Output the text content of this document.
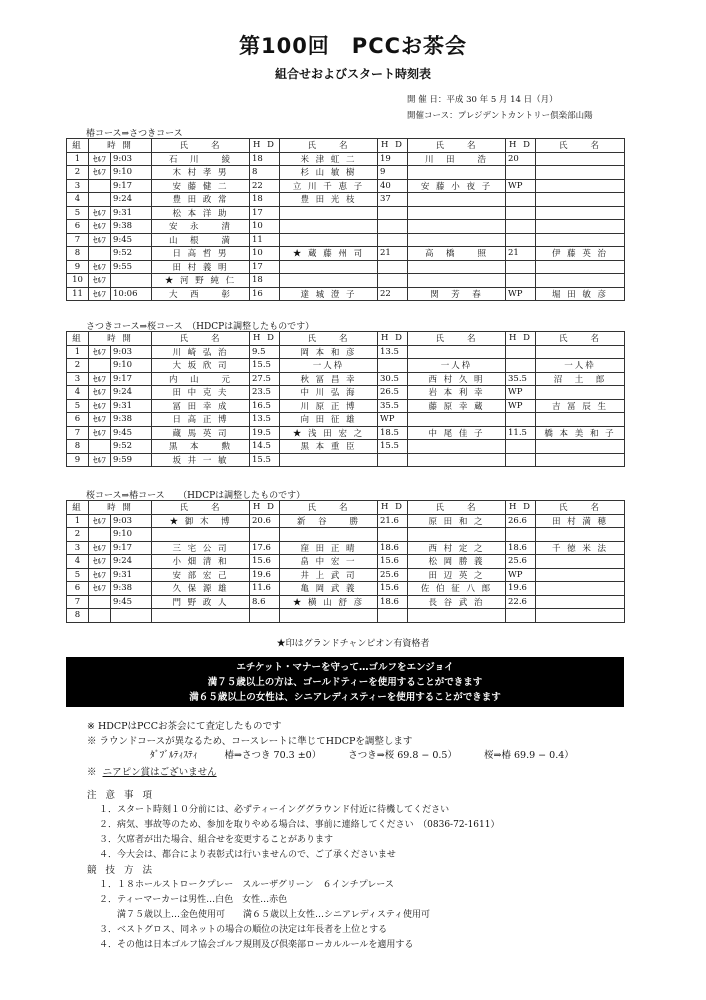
第100回　PCCお茶会
組合せおよびスタート時刻表
開 催 日：平成 30 年 5 月 14 日（月）
開催コース：プレジデントカントリー倶楽部山陽
椿コース⇒さつきコース
組	時 開		氏　　名	H D	氏　　名	H D	氏　　名	H D	氏　　名	
1	ｾﾙﾌ	9:03	石　川　　綾	18	米 津 虹 二	19	川　田　　浩	20		
2	ｾﾙﾌ	9:10	木 村 孝 男	8	杉 山 敏 樹	9				
3		9:17	安 藤 健 二	22	立 川 千 恵 子	40	安 藤 小 夜 子	WP		
4		9:24	豊 田 政 常	18	豊 田 光 枝	37				
5	ｾﾙﾌ	9:31	松 本 洋 助	17						
6	ｾﾙﾌ	9:38	安　永　　清	10						
7	ｾﾙﾌ	9:45	山　根　　満	11						
8		9:52	日 高 哲 男	10	★ 蔵 藤 州 司	21	高　橋　　照	21	伊 藤 英 治	
9	ｾﾙﾌ	9:55	田 村 義 明	17						
10	ｾﾙﾌ		★ 河 野 純 仁	18						
11	ｾﾙﾌ	10:06	大　西　　彰	16	達 城 澄 子	22	関　芳　春	WP	堀 田 敏 彦	
さつきコース⇒桜コース　（HDCPは調整したものです）
組	時 開		氏　　名	H D	氏　　名	H D	氏　　名	H D	氏　　名	
1	ｾﾙﾌ	9:03	川 崎 弘 治	9.5	岡 本 和 彦	13.5				
2		9:10	大 坂 欣 司	15.5	一人枠		一人枠		一人枠	
3	ｾﾙﾌ	9:17	内　山　　元	27.5	秋 冨 昌 幸	30.5	西 村 久 明	35.5	沼　土　郎	
4	ｾﾙﾌ	9:24	田 中 克 夫	23.5	中 川 弘 海	26.5	岩 本 利 幸	WP		
5	ｾﾙﾌ	9:31	冨 田 幸 成	16.5	川 原 正 博	35.5	藤 原 幸 蔵	WP	吉 冨 辰 生	
6	ｾﾙﾌ	9:38	日 高 正 博	13.5	向 田 征 雄	WP				
7	ｾﾙﾌ	9:45	蔵 馬 英 司	19.5	★ 浅 田 宏 之	18.5	中 尾 佳 子	11.5	橋 本 美 和 子	
8		9:52	黒　本　　勲	14.5	黒 本 重 臣	15.5				
9	ｾﾙﾌ	9:59	坂 井 一 敏	15.5						
桜コース⇒椿コース　　（HDCPは調整したものです）
組	時 開		氏　　名	H D	氏　　名	H D	氏　　名	H D	氏　　名	
1	ｾﾙﾌ	9:03	★ 御 木　博	20.6	新　谷　　勝	21.6	原 田 和 之	26.6	田 村 満 穂	
2		9:10								
3	ｾﾙﾌ	9:17	三 宅 公 司	17.6	窪 田 正 晴	18.6	西 村 定 之	18.6	千 徳 米 法	
4	ｾﾙﾌ	9:24	小 畑 清 和	15.6	畠 中 宏 一	15.6	松 岡 勝 義	25.6		
5	ｾﾙﾌ	9:31	安 部 宏 己	19.6	井 上 武 司	25.6	田 辺 英 之	WP		
6	ｾﾙﾌ	9:38	久 保 源 雄	11.6	亀 岡 武 義	15.6	佐 伯 征 八 郎	19.6		
7		9:45	門 野 政 人	8.6	★ 横 山 舒 彦	18.6	長 谷 武 治	22.6		
8										
★印はグランドチャンピオン有資格者
エチケット・マナーを守って…ゴルフをエンジョイ
満７５歳以上の方は、ゴールドティーを使用することができます
満６５歳以上の女性は、シニアレディスティーを使用することができます
※ HDCPはPCCお茶会にて査定したものです
※ ラウンドコースが異なるため、コースレートに準じてHDCPを調整します
ﾀﾞﾌﾞﾙﾃｨｽﾃｨ	椿⇒さつき 70.3 ±0）	さつき⇒桜 69.8 − 0.5）	桜⇒椿 69.9 − 0.4）
※ ニアピン賞はございません
注 意 事 項
１．スタート時刻１０分前には、必ずティーインググラウンド付近に待機してください
２．病気、事故等のため、参加を取りやめる場合は、事前に連絡してください　（0836-72-1611）
３．欠席者が出た場合、組合せを変更することがあります
４．今大会は、都合により表彰式は行いませんので、ご了承くださいませ
競 技 方 法
１．１８ホールストロークプレー　スルーザグリーン　６インチプレース
２．ティーマーカーは男性…白色　女性…赤色
満７５歳以上…金色使用可　　満６５歳以上女性…シニアレディスティ使用可
３．ベストグロス、同ネットの場合の順位の決定は年長者を上位とする
４．その他は日本ゴルフ協会ゴルフ規則及び倶楽部ローカルルールを適用する
